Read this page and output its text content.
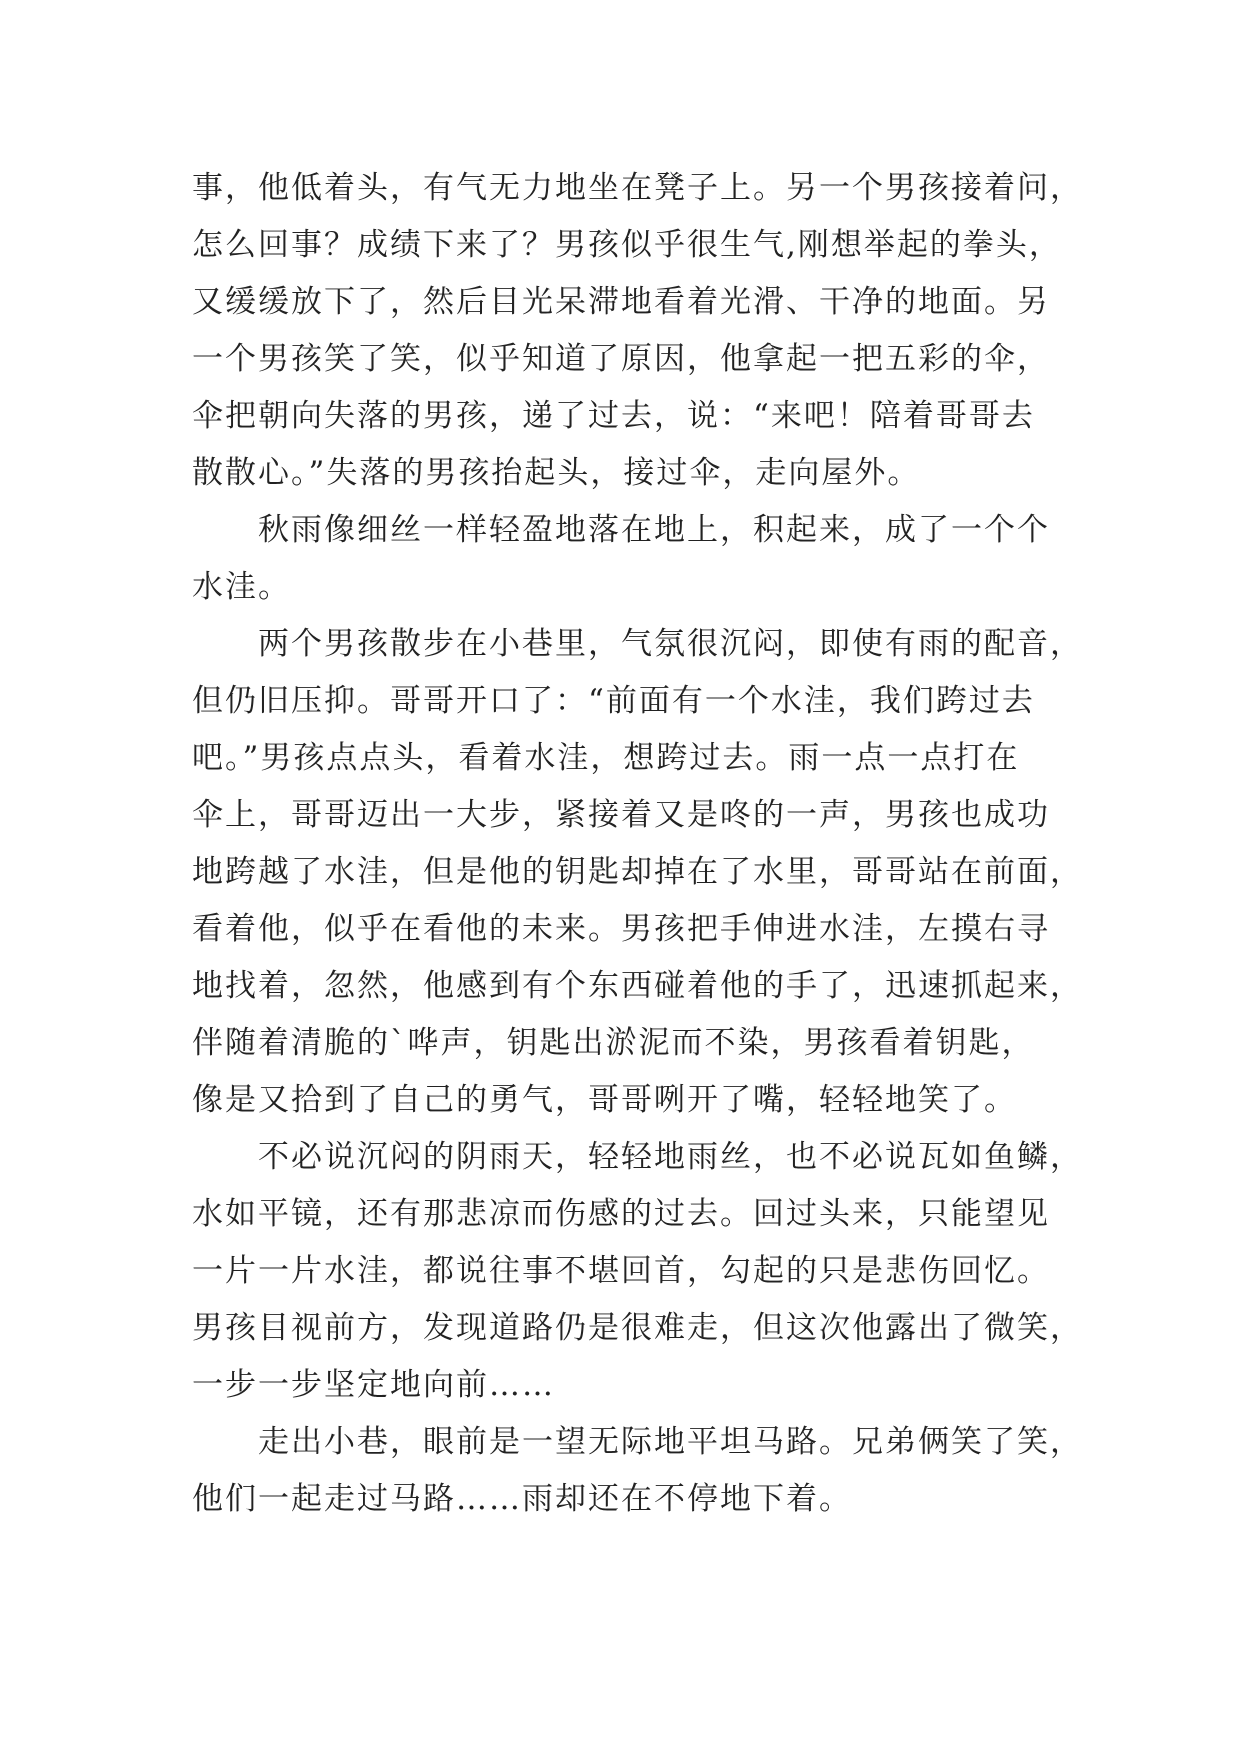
事，他低着头，有气无力地坐在凳子上。另一个男孩接着问，
怎么回事？成绩下来了？男孩似乎很生气,刚想举起的拳头，
又缓缓放下了，然后目光呆滞地看着光滑、干净的地面。另
一个男孩笑了笑，似乎知道了原因，他拿起一把五彩的伞，
伞把朝向失落的男孩，递了过去，说：“来吧！陪着哥哥去
散散心。”失落的男孩抬起头，接过伞，走向屋外。
秋雨像细丝一样轻盈地落在地上，积起来，成了一个个
水洼。
两个男孩散步在小巷里，气氛很沉闷，即使有雨的配音，
但仍旧压抑。哥哥开口了：“前面有一个水洼，我们跨过去
吧。”男孩点点头，看着水洼，想跨过去。雨一点一点打在
伞上，哥哥迈出一大步，紧接着又是咚的一声，男孩也成功
地跨越了水洼，但是他的钥匙却掉在了水里，哥哥站在前面，
看着他，似乎在看他的未来。男孩把手伸进水洼，左摸右寻
地找着，忽然，他感到有个东西碰着他的手了，迅速抓起来，
伴随着清脆的`哗声，钥匙出淤泥而不染，男孩看着钥匙，
像是又拾到了自己的勇气，哥哥咧开了嘴，轻轻地笑了。
不必说沉闷的阴雨天，轻轻地雨丝，也不必说瓦如鱼鳞，
水如平镜，还有那悲凉而伤感的过去。回过头来，只能望见
一片一片水洼，都说往事不堪回首，勾起的只是悲伤回忆。
男孩目视前方，发现道路仍是很难走，但这次他露出了微笑，
一步一步坚定地向前……
走出小巷，眼前是一望无际地平坦马路。兄弟俩笑了笑，
他们一起走过马路……雨却还在不停地下着。
